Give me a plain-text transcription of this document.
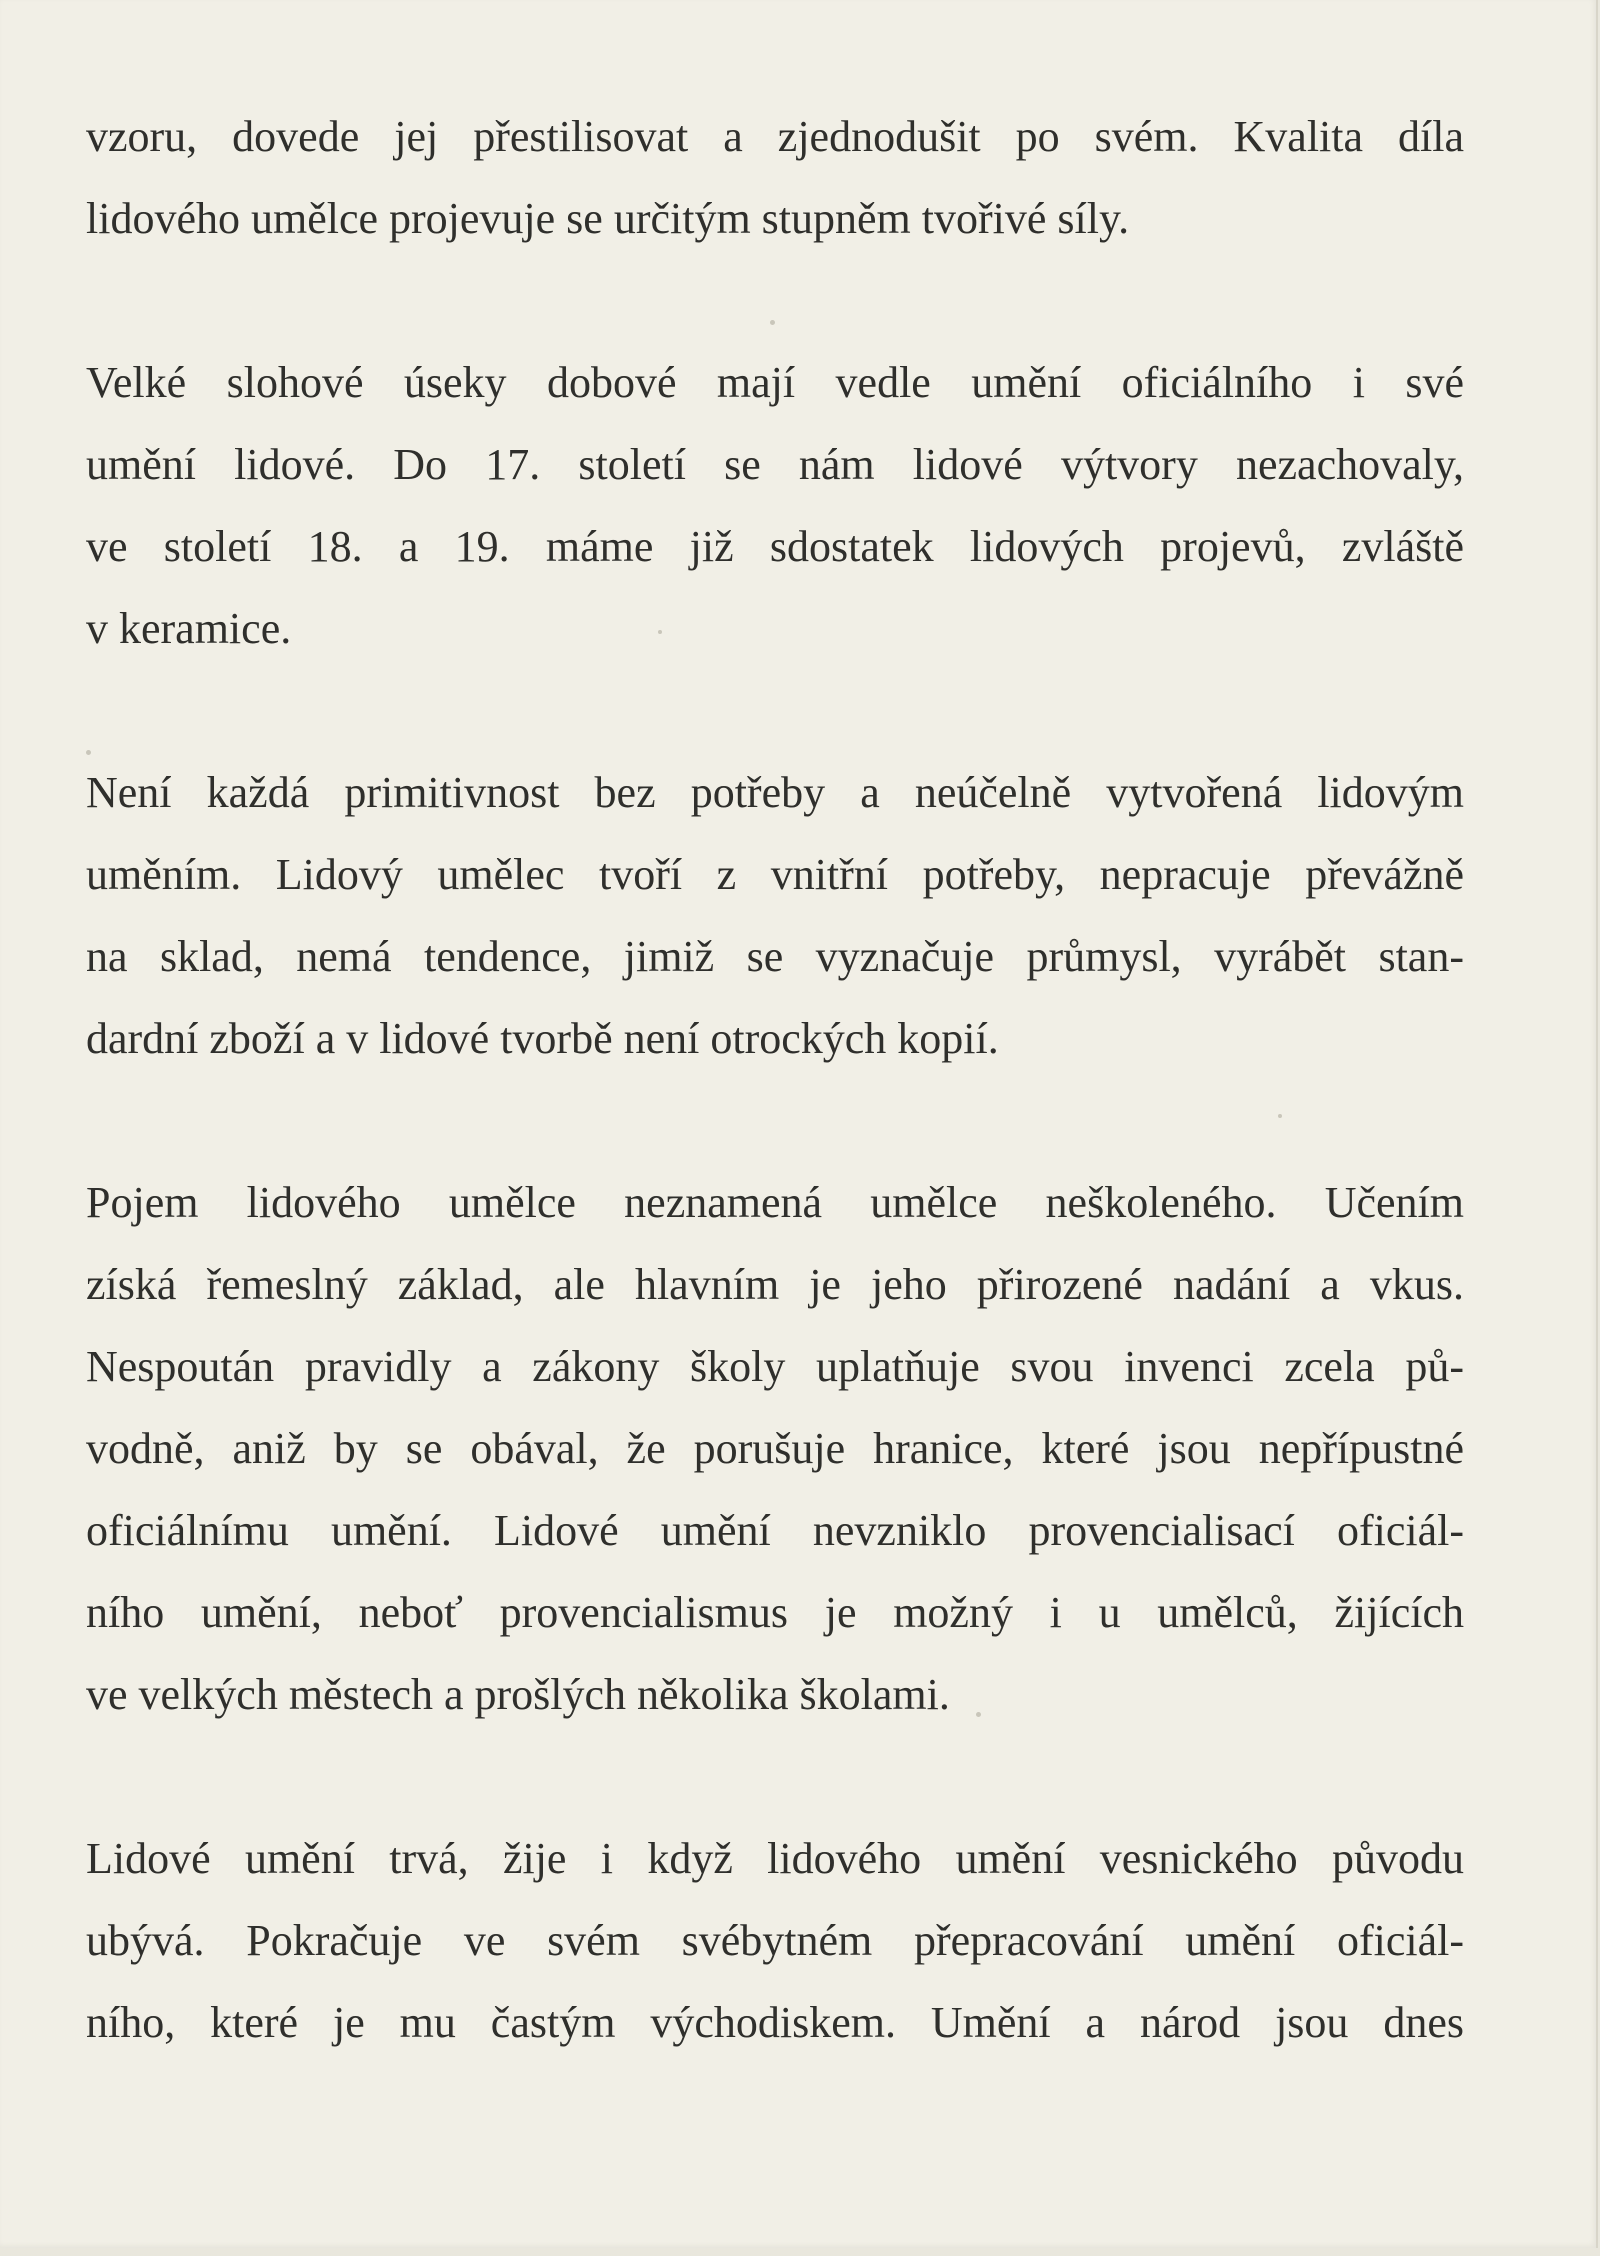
vzoru, dovede jej přestilisovat a zjednodušit po svém. Kvalita díla
lidového umělce projevuje se určitým stupněm tvořivé síly.
Velké slohové úseky dobové mají vedle umění oficiálního i své
umění lidové. Do 17. století se nám lidové výtvory nezachovaly,
ve století 18. a 19. máme již sdostatek lidových projevů, zvláště
v keramice.
Není každá primitivnost bez potřeby a neúčelně vytvořená lidovým
uměním. Lidový umělec tvoří z vnitřní potřeby, nepracuje převážně
na sklad, nemá tendence, jimiž se vyznačuje průmysl, vyrábět stan-
dardní zboží a v lidové tvorbě není otrockých kopií.
Pojem lidového umělce neznamená umělce neškoleného. Učením
získá řemeslný základ, ale hlavním je jeho přirozené nadání a vkus.
Nespoután pravidly a zákony školy uplatňuje svou invenci zcela pů-
vodně, aniž by se obával, že porušuje hranice, které jsou nepřípustné
oficiálnímu umění. Lidové umění nevzniklo provencialisací oficiál-
ního umění, neboť provencialismus je možný i u umělců, žijících
ve velkých městech a prošlých několika školami.
Lidové umění trvá, žije i když lidového umění vesnického původu
ubývá. Pokračuje ve svém svébytném přepracování umění oficiál-
ního, které je mu častým východiskem. Umění a národ jsou dnes
